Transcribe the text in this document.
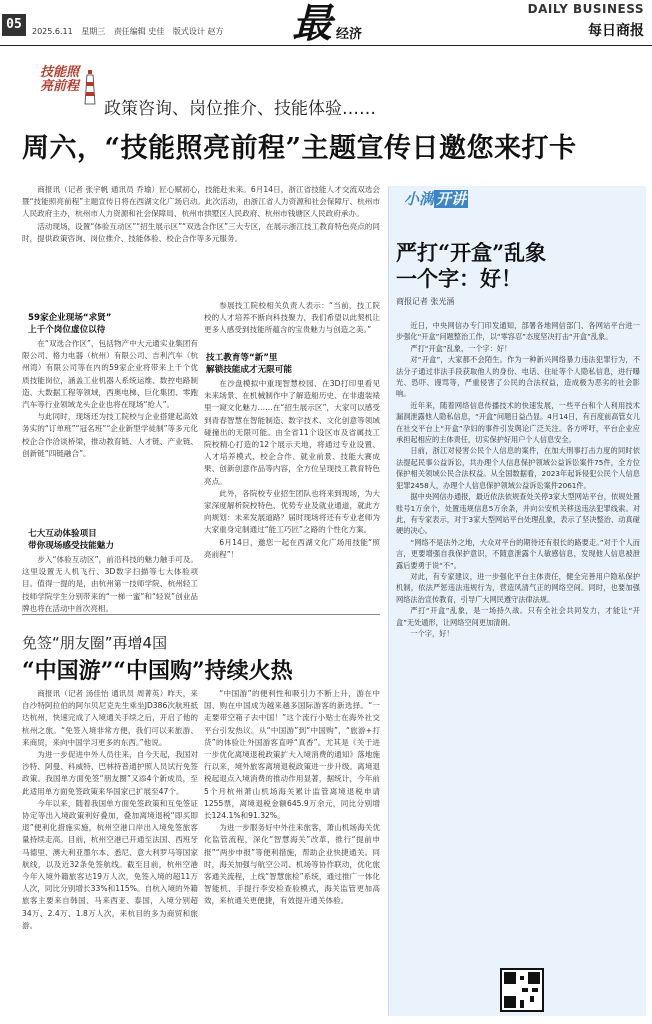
05	2025.6.11 星期三 责任编辑 史佳 版式设计 赵方 最 经济
DAILY BUSINESS
每日商报
技能照亮前程
政策咨询、岗位推介、技能体验……
周六，“技能照亮前程”主题宣传日邀您来打卡

商报讯（记者 张宇帆 通讯员 乔瑜）匠心赋初心，技能赴未来。6月14日，浙江省技能人才交流双选会暨“技能照亮前程”主题宣传日将在西湖文化广场启动。此次活动，由浙江省人力资源和社会保障厅、杭州市人民政府主办，杭州市人力资源和社会保障局、杭州市拱墅区人民政府、杭州市钱塘区人民政府承办。

活动现场，设置“体验互动区”“招生展示区”“双选合作区”三大专区，在展示浙江技工教育特色亮点的同时，提供政策咨询、岗位推介、技能体验、校企合作等多元服务。

59家企业现场“求贤”
上千个岗位虚位以待

在“双选合作区”，包括物产中大元通实业集团有限公司、格力电器（杭州）有限公司、吉利汽车（杭州湾）有限公司等在内的59家企业将带来上千个优质技能岗位，涵盖工业机器人系统运维、数控电路制造、大数据工程等领域，西奥电梯、巨化集团、零跑汽车等行业领域龙头企业也将在现场“抢人”。

与此同时，现场还为技工院校与企业搭建起高效务实的“订单班”“冠名班”“企业新型学徒制”等多元化校企合作洽谈桥梁，推动教育链、人才链、产业链、创新链“四链融合”。

七大互动体验项目
带你现场感受技能魅力

步入“体验互动区”，前沿科技的魅力触手可及。这里设置无人机飞行、3D数字扫描等七大体验项目。值得一提的是，由杭州第一技师学院、杭州轻工技师学院学生分别带来的“一梯一蜜”和“轻说”创业品牌也将在活动中首次亮相。

参展技工院校相关负责人表示：“当前，技工院校的人才培养不断向科技聚力，我们希望以此契机让更多人感受到技能所蕴含的宝贵魅力与创造之美。”

技工教育等“新”里
解锁技能成才无限可能

在沙盘模拟中重现智慧校园、在3D打印里看见未来场景、在机械制作中了解造船历史、在非遗装裱里一窥文化魅力……在“招生展示区”，大家可以感受到青春智慧在智能制造、数字技术、文化创意等领域碰撞出的无限可能。由全省11个设区市及省属技工院校精心打造的12个展示天地，将通过专业设置、人才培养模式、校企合作、就业前景、技能大赛成果、创新创意作品等内容，全方位呈现技工教育特色亮点。

此外，各院校专业招生团队也将来到现场，为大家深度解析院校特色、优势专业及就业通道，就此方向规划：未来发展道路？届时现场将还有专业老师为大家重身定制通过“能工巧匠”之路的个性化方案。

6月14日，邀您一起在西湖文化广场用技能“照亮前程”！

免签“朋友圈”再增4国
“中国游”“中国购”持续火热

商报讯（记者 汤佳怡 通讯员 周菁英）昨天，来自沙特阿拉伯的阿尔贝尼克先生乘坐JD386次航班抵达杭州，快速完成了入境通关手续之后，开启了他的杭州之旅。“免签入境非常方便，我们可以来旅游、来商贸，来向中国学习更多的东西。”他说。

为进一步促进中外人员往来，自今天起，我国对沙特、阿曼、科威特、巴林持普通护照人员试行免签政策。我国单方面免签“朋友圈”又添4个新成员，至此适用单方面免签政策来华国家已扩展至47个。

今年以来，随着我国单方面免签政策和互免签证协定等出入境政策利好叠加，叠加离境退税“即买即退”便利化措施实施，杭州空港口岸出入境免签旅客量持续走高。目前，杭州空港已开通至法国、西班牙马德里、澳大利亚墨尔本、悉尼、意大利罗马等国家航线，以及近32条免签航线。截至目前，杭州空港今年入境外籍旅客达19万人次，免签入境的超11万人次，同比分别增长33%和115%。自杭入境的外籍旅客主要来自韩国、马来西亚、泰国，入境分别超34万、2.4万、1.8万人次，来杭目的多为商贸和旅游。

“中国游”的便利性和吸引力不断上升，游在中国、购在中国成为越来越多国际游客的新选择。“一走要带空箱子去中国！”这个流行小贴士在海外社交平台引发热议。从“中国游”到“中国购”，“旅游+打货”的体验让外国游客直呼“真香”。尤其是《关于进一步优化离境退税政策扩大入境消费的通知》落地施行以来，境外旅客离境退税政策进一步升级。离境退税起退点入境消费的推动作用显著，据统计，今年前5个月杭州萧山机场海关累计监管离境退税申请1255票，离境退税金额645.9万余元，同比分别增长124.1%和91.32%。

为进一步服务好中外往来旅客，萧山机场海关优化监管流程，深化“智慧海关”改革，推行“提前申报”“两步申报”等便利措施，帮助企业快捷通关。同时，海关加强与航空公司、机场等协作联动，优化旅客通关流程，上线“智慧旅检”系统，通过推广一体化智能机、手提行李安检查验模式，海关监管更加高效，来杭通关更便捷，有效提升通关体验。

小满 开讲
严打“开盒”乱象
一个字：好！
商报记者 张光涵

近日，中央网信办专门印发通知，部署各地网信部门、各网站平台进一步强化“开盒”问题整治工作，以“零容忍”态度坚决打击“开盒”乱象。

严打“开盒”乱象，一个字：好！

对“开盒”，大家都不会陌生。作为一种新兴网络暴力违法犯罪行为，不法分子通过非法手段获取他人的身份、电话、住址等个人隐私信息，进行曝光、恐吓、谩骂等，严重侵害了公民的合法权益，造成极为恶劣的社会影响。

近年来，随着网络信息传播技术的快速发展，一些平台和个人利用技术漏洞泄露他人隐私信息，“开盒”问题日益凸显。4月14日，有百度前高管女儿在社交平台上“开盒”孕妇的事件引发舆论广泛关注。各方呼吁，平台企业应承担起相应的主体责任，切实保护好用户个人信息安全。

日前，浙江对侵害公民个人信息的案件，在加大刑事打击力度的同时依法提起民事公益诉讼，共办理个人信息保护领域公益诉讼案件75件，全方位保护相关领域公民合法权益。从全国数据看，2023年起诉侵犯公民个人信息犯罪2458人，办理个人信息保护领域公益诉讼案件2061件。

据中央网信办通报，最近依法依规查处关停3家大型网站平台，依规处置账号1万余个，处置违规信息5万余条，并向公安机关移送违法犯罪线索。对此，有专家表示，对于3家大型网站平台处理乱象，表示了坚决整治、动真碰硬的决心。

“网络不是法外之地，大众对平台的期待还有很长的路要走。”对于个人而言，更要增强自我保护意识，不随意泄露个人敏感信息，发现他人信息被泄露后要勇于说“不”。

对此，有专家建议，进一步强化平台主体责任，健全完善用户隐私保护机制，依法严惩违法违规行为，营造风清气正的网络空间。同时，也要加强网络法治宣传教育，引导广大网民遵守法律法规。

严打“开盒”乱象，是一场持久战。只有全社会共同发力，才能让“开盒”无处遁形，让网络空间更加清朗。

一个字，好！
